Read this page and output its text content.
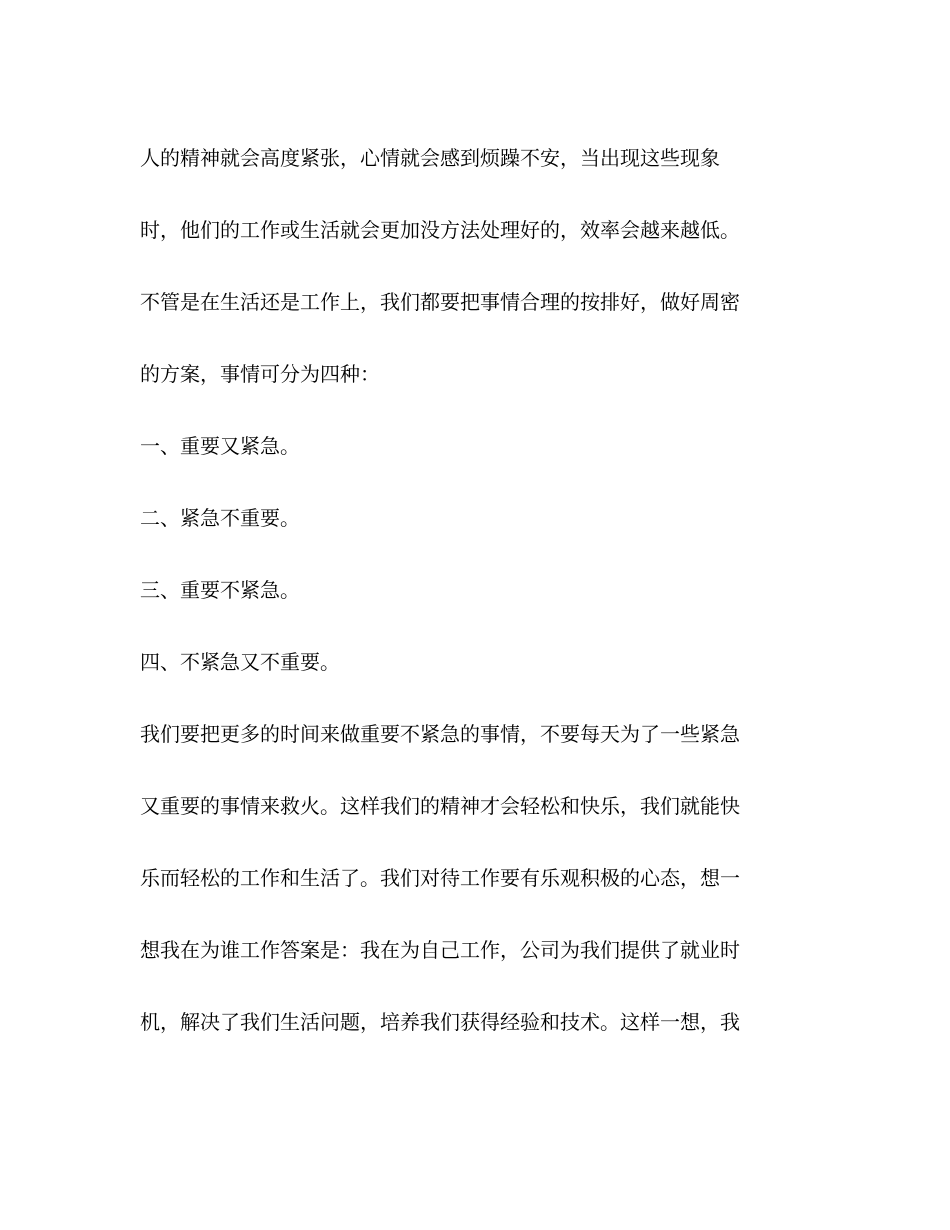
人的精神就会高度紧张，心情就会感到烦躁不安，当出现这些现象
时，他们的工作或生活就会更加没方法处理好的，效率会越来越低。
不管是在生活还是工作上，我们都要把事情合理的按排好，做好周密
的方案，事情可分为四种：
一、重要又紧急。
二、紧急不重要。
三、重要不紧急。
四、不紧急又不重要。
我们要把更多的时间来做重要不紧急的事情，不要每天为了一些紧急
又重要的事情来救火。这样我们的精神才会轻松和快乐，我们就能快
乐而轻松的工作和生活了。我们对待工作要有乐观积极的心态，想一
想我在为谁工作答案是：我在为自己工作，公司为我们提供了就业时
机，解决了我们生活问题，培养我们获得经验和技术。这样一想，我
